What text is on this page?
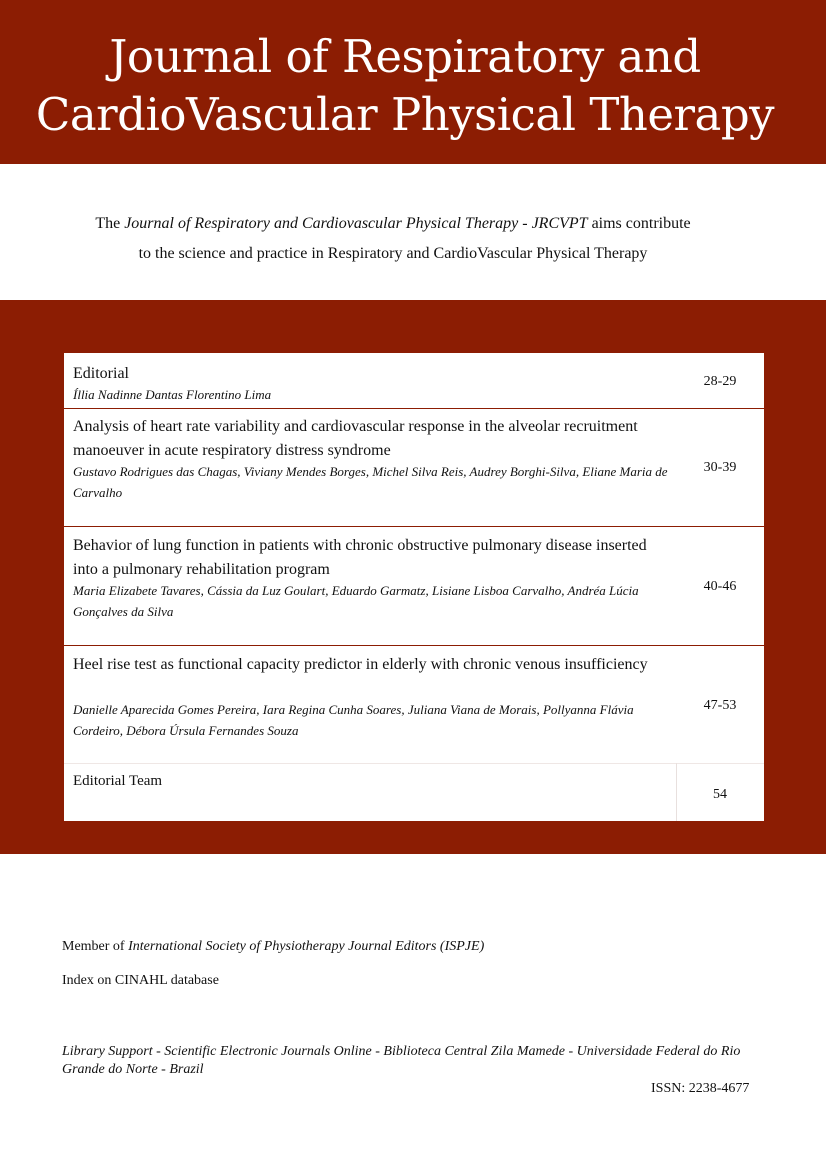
Journal of Respiratory and
CardioVascular Physical Therapy
The Journal of Respiratory and Cardiovascular Physical Therapy - JRCVPT aims contribute
to the science and practice in Respiratory and CardioVascular Physical Therapy
Editorial
Íllia Nadinne Dantas Florentino Lima
28-29
Analysis of heart rate variability and cardiovascular response in the alveolar recruitment manoeuver in acute respiratory distress syndrome
Gustavo Rodrigues das Chagas, Viviany Mendes Borges, Michel Silva Reis, Audrey Borghi-Silva, Eliane Maria de Carvalho
30-39
Behavior of lung function in patients with chronic obstructive pulmonary disease inserted into a pulmonary rehabilitation program
Maria Elizabete Tavares, Cássia da Luz Goulart, Eduardo Garmatz, Lisiane Lisboa Carvalho, Andréa Lúcia Gonçalves da Silva
40-46
Heel rise test as functional capacity predictor in elderly with chronic venous insufficiency
Danielle Aparecida Gomes Pereira, Iara Regina Cunha Soares, Juliana Viana de Morais, Pollyanna Flávia Cordeiro, Débora Úrsula Fernandes Souza
47-53
Editorial Team
54
Member of International Society of Physiotherapy Journal Editors (ISPJE)
Index on CINAHL database
Library Support - Scientific Electronic Journals Online - Biblioteca Central Zila Mamede - Universidade Federal do Rio Grande do Norte - Brazil
ISSN: 2238-4677
